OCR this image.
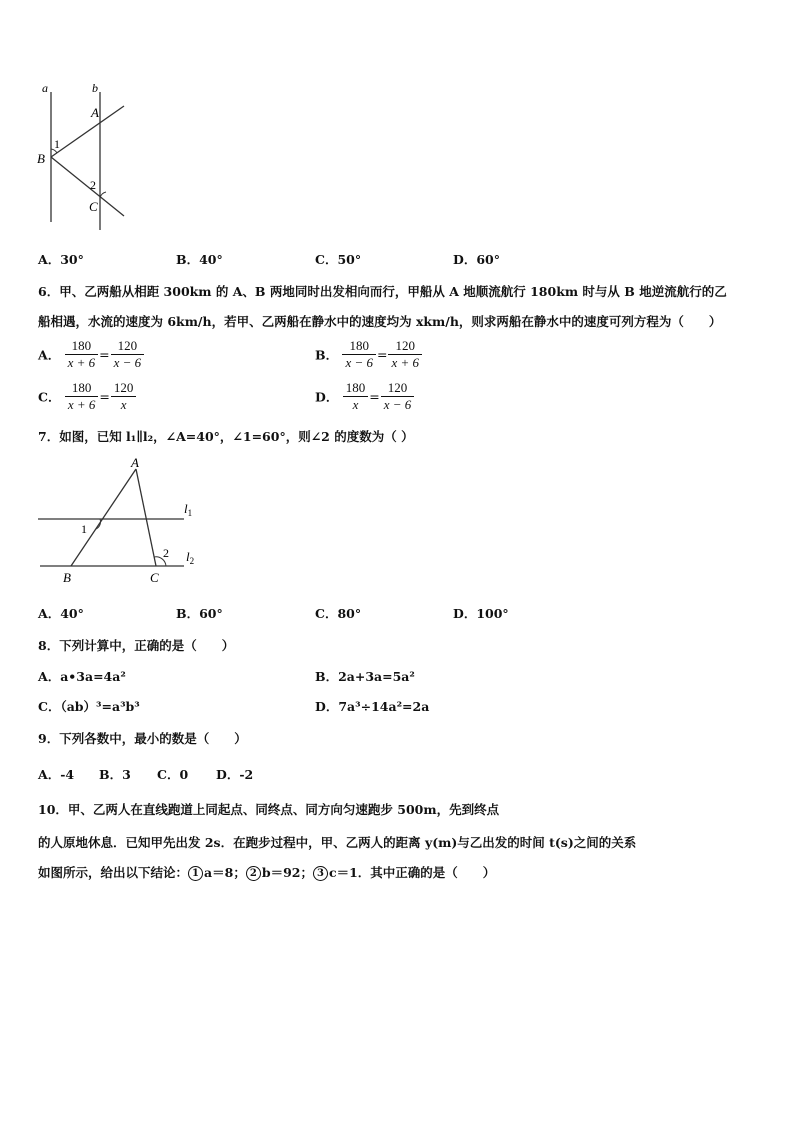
a	b
A
B
C
1
2
A．30°	B．40°	C．50°	D．60°
6．甲、乙两船从相距 300km 的 A、B 两地同时出发相向而行，甲船从 A 地顺流航行 180km 时与从 B 地逆流航行的乙
船相遇，水流的速度为 6km/h，若甲、乙两船在静水中的速度均为 xkm/h，则求两船在静水中的速度可列方程为（　　）
A． $\frac{180}{x + 6} = \frac{120}{x - 6}$	B． $\frac{180}{x - 6} = \frac{120}{x + 6}$
C． $\frac{180}{x + 6} = \frac{120}{x}$	D． $\frac{180}{x} = \frac{120}{x - 6}$
7．如图，已知 l₁∥l₂，∠A=40°，∠1=60°，则∠2 的度数为（ ）
A
B	C
1
2
$l_1$
$l_2$
A．40°	B．60°	C．80°	D．100°
8．下列计算中，正确的是（　　）
A．a•3a=4a²	B．2a+3a=5a²
C．（ab）³=a³b³	D．7a³÷14a²=2a
9．下列各数中，最小的数是（　　）
A．-4 B．3 C．0 D．-2
10．甲、乙两人在直线跑道上同起点、同终点、同方向匀速跑步 500m，先到终点
的人原地休息．已知甲先出发 2s．在跑步过程中，甲、乙两人的距离 y(m)与乙出发的时间 t(s)之间的关系
如图所示，给出以下结论： 1 a＝8； 2 b＝92； 3 c＝1．其中正确的是（　　）
